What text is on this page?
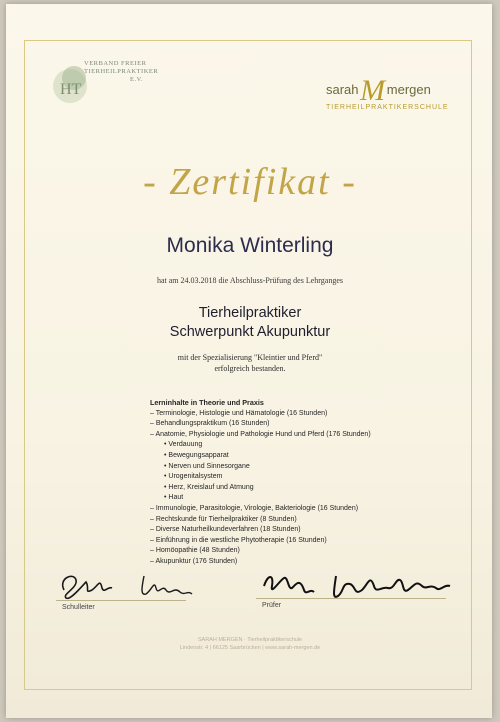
HT
VERBAND FREIER
TIERHEILPRAKTIKER
E.V.
sarah M mergen
TIERHEILPRAKTIKERSCHULE
- Zertifikat -
Monika Winterling
hat am 24.03.2018 die Abschluss-Prüfung des Lehrganges
Tierheilpraktiker
Schwerpunkt Akupunktur
mit der Spezialisierung "Kleintier und Pferd"
erfolgreich bestanden.
Lerninhalte in Theorie und Praxis
– Terminologie, Histologie und Hämatologie (16 Stunden)
– Behandlungspraktikum (16 Stunden)
– Anatomie, Physiologie und Pathologie Hund und Pferd (176 Stunden)
• Verdauung
• Bewegungsapparat
• Nerven und Sinnesorgane
• Urogenitalsystem
• Herz, Kreislauf und Atmung
• Haut
– Immunologie, Parasitologie, Virologie, Bakteriologie (16 Stunden)
– Rechtskunde für Tierheilpraktiker (8 Stunden)
– Diverse Naturheilkundeverfahren (18 Stunden)
– Einführung in die westliche Phytotherapie (16 Stunden)
– Homöopathie (48 Stunden)
– Akupunktur (176 Stunden)
Schulleiter	Prüfer
SARAH MERGEN · Tierheilpraktikerschule
Lindenstr. 4 | 66125 Saarbrücken | www.sarah-mergen.de
